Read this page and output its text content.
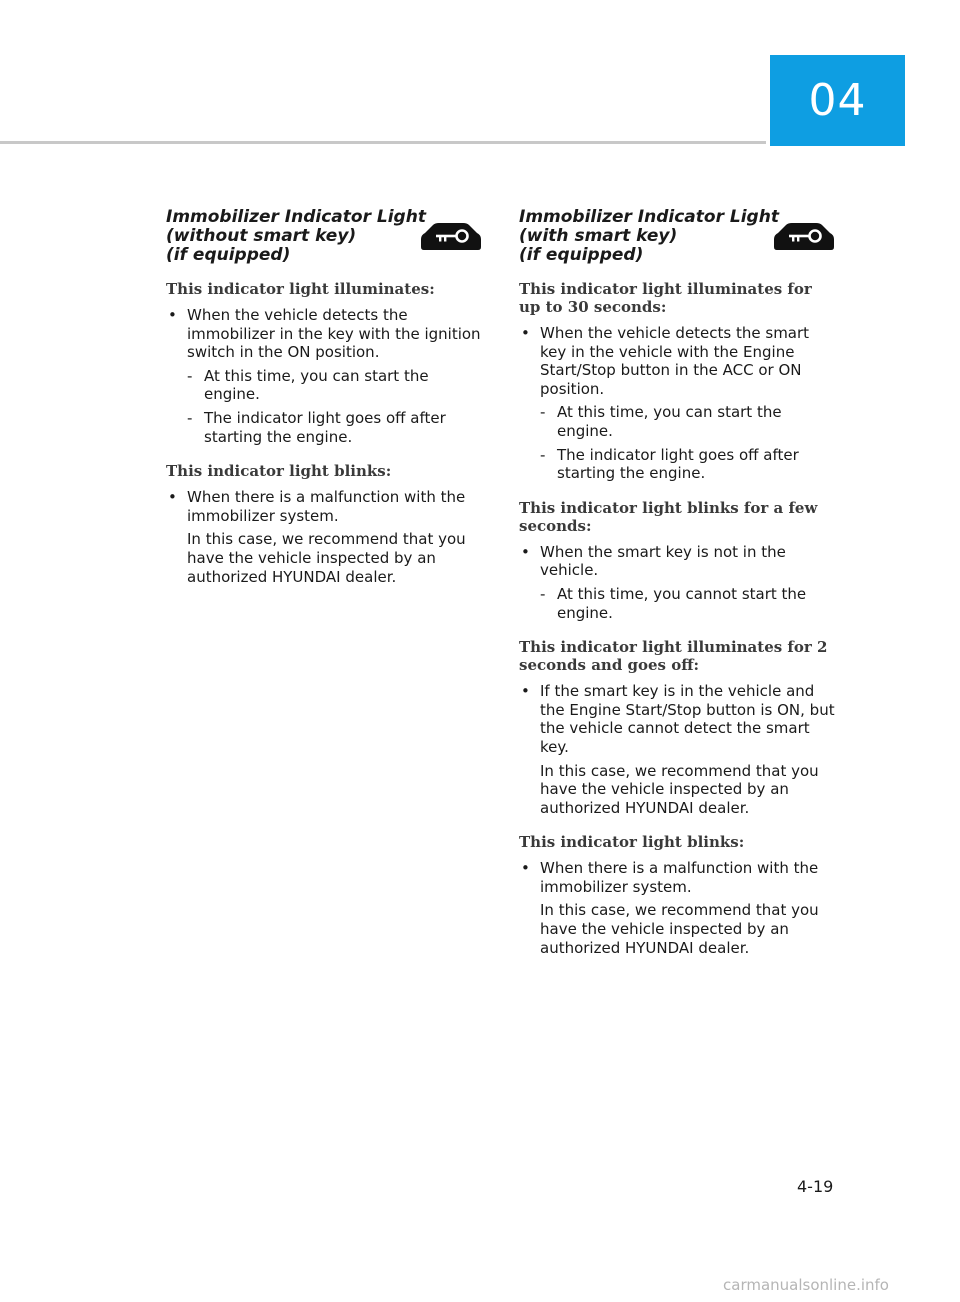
04
Immobilizer Indicator Light
(without smart key)
(if equipped)
This indicator light illuminates:
• When the vehicle detects the immobilizer in the key with the ignition switch in the ON position.
- At this time, you can start the engine.
- The indicator light goes off after starting the engine.
This indicator light blinks:
• When there is a malfunction with the immobilizer system.
In this case, we recommend that you have the vehicle inspected by an authorized HYUNDAI dealer.
Immobilizer Indicator Light
(with smart key)
(if equipped)
This indicator light illuminates for up to 30 seconds:
• When the vehicle detects the smart key in the vehicle with the Engine Start/Stop button in the ACC or ON position.
- At this time, you can start the engine.
- The indicator light goes off after starting the engine.
This indicator light blinks for a few seconds:
• When the smart key is not in the vehicle.
- At this time, you cannot start the engine.
This indicator light illuminates for 2 seconds and goes off:
• If the smart key is in the vehicle and the Engine Start/Stop button is ON, but the vehicle cannot detect the smart key.
In this case, we recommend that you have the vehicle inspected by an authorized HYUNDAI dealer.
This indicator light blinks:
• When there is a malfunction with the immobilizer system.
In this case, we recommend that you have the vehicle inspected by an authorized HYUNDAI dealer.
4-19
carmanualsonline.info
